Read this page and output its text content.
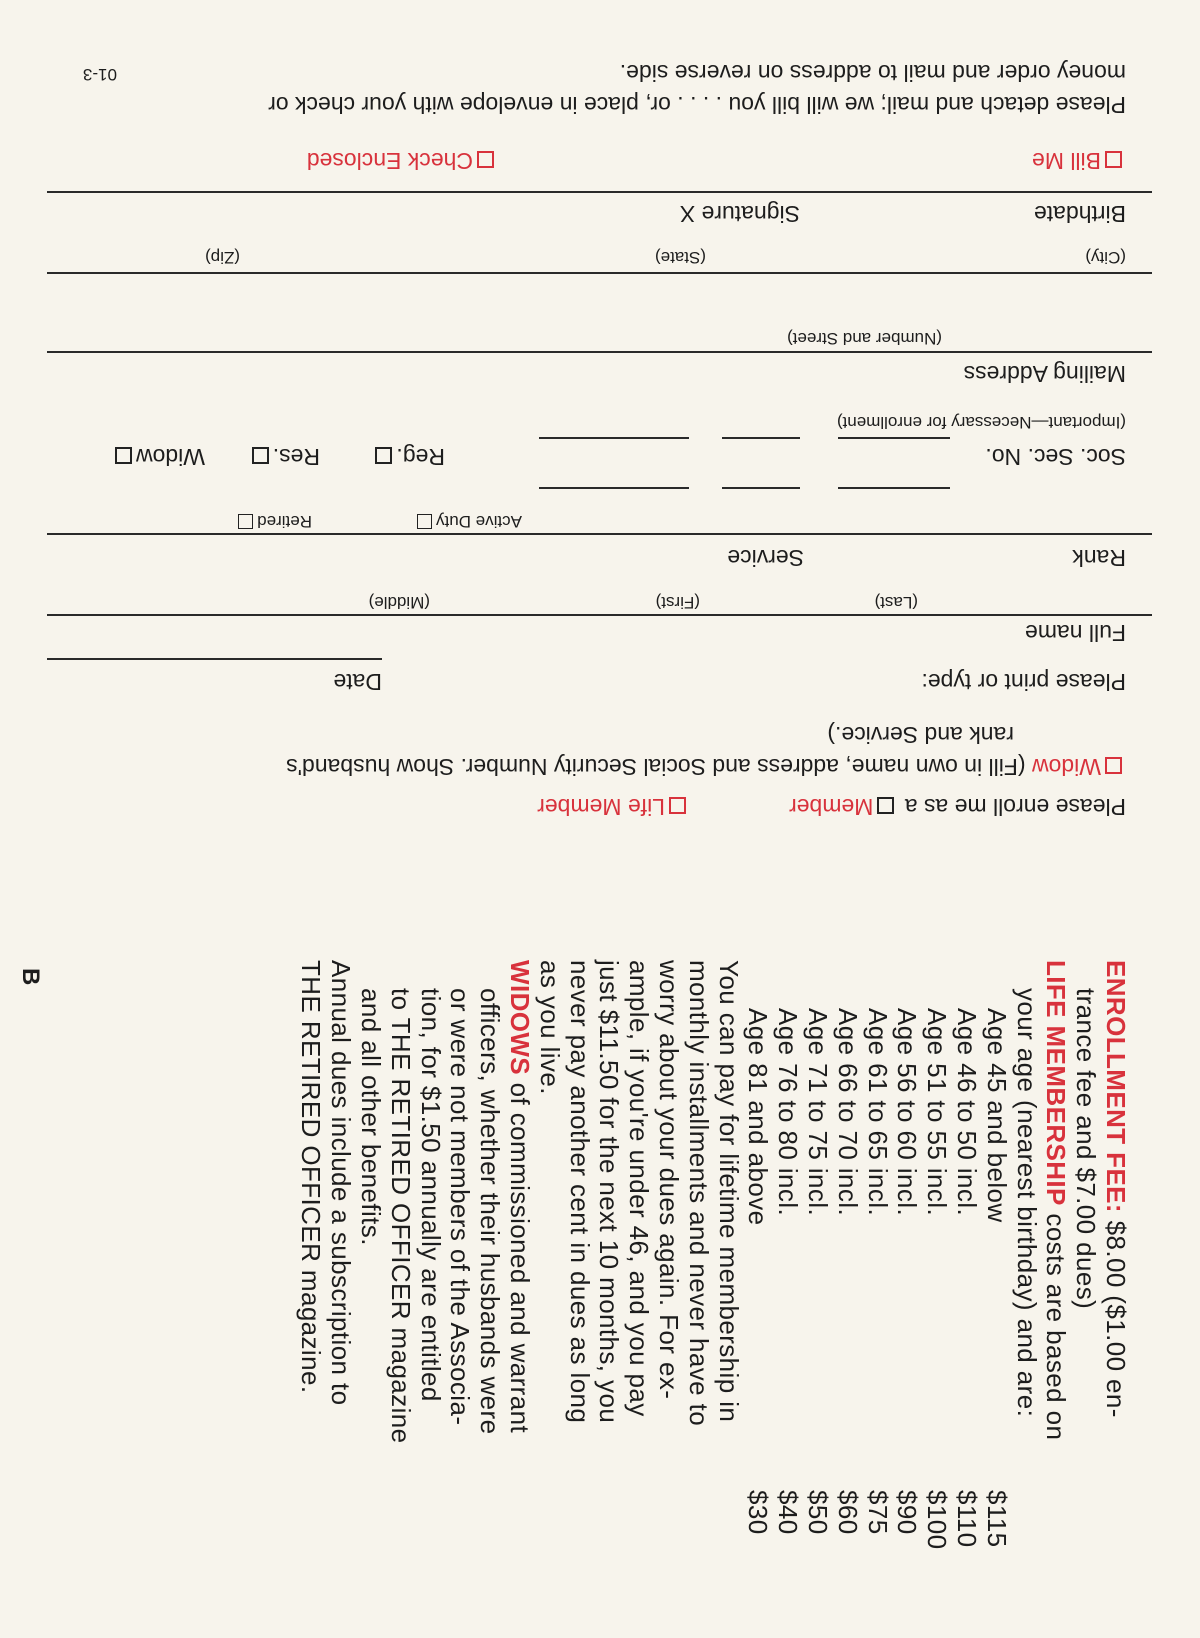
Please enroll me as a Member
Life Member
Widow (Fill in own name, address and Social Security Number. Show husband's
rank and Service.)
Please print or type:
Date
Full name
(Last)
(First)
(Middle)
Rank
Service
Active Duty
Retired
Soc. Sec. No.
Reg.
Res.
Widow
(Important—Necessary for enrollment)
Mailing Address
(Number and Street)
(City)
(State)
(Zip)
Birthdate
Signature X
Bill Me
Check Enclosed
Please detach and mail; we will bill you . . . . or, place in envelope with your check or
money order and mail to address on reverse side.
01-3

ENROLLMENT FEE: $8.00 ($1.00 en-

trance fee and $7.00 dues)

LIFE MEMBERSHIP costs are based on

your age (nearest birthday) and are:

Age 45 and below
$115
Age 46 to 50 incl.
$110
Age 51 to 55 incl.
$100
Age 56 to 60 incl.
$90
Age 61 to 65 incl.
$75
Age 66 to 70 incl.
$60
Age 71 to 75 incl.
$50
Age 76 to 80 incl.
$40
Age 81 and above
$30

You can pay for lifetime membership in

monthly installments and never have to

worry about your dues again. For ex-

ample, if you're under 46, and you pay

just $11.50 for the next 10 months, you

never pay another cent in dues as long

as you live.

WIDOWS of commissioned and warrant

officers, whether their husbands were

or were not members of the Associa-

tion, for $1.50 annually are entitled

to THE RETIRED OFFICER magazine

and all other benefits.

Annual dues include a subscription to

THE RETIRED OFFICER magazine.

B
